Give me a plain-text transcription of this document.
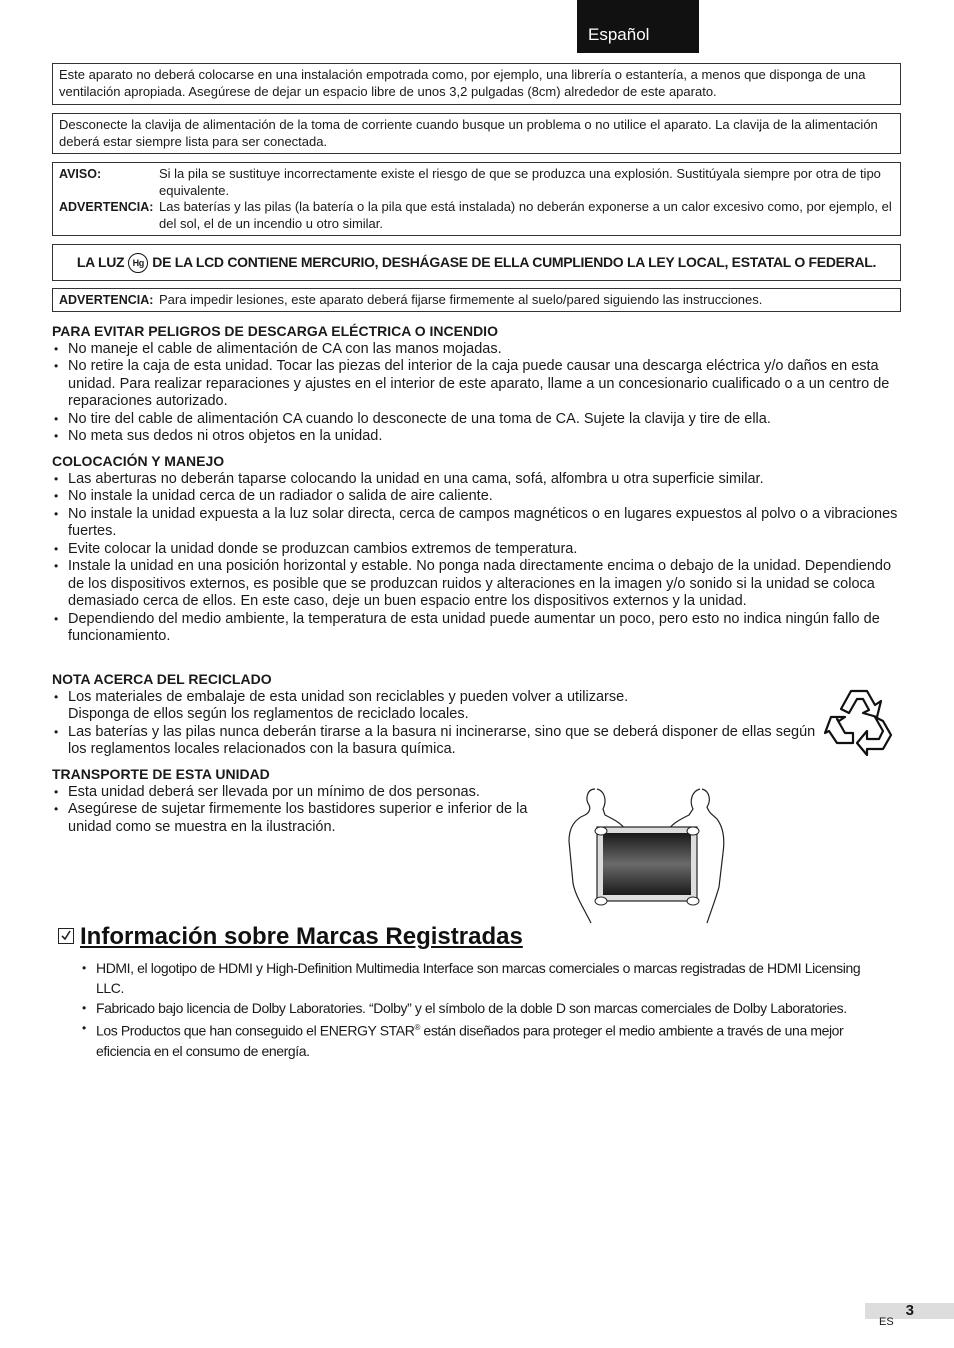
Español
Este aparato no deberá colocarse en una instalación empotrada como, por ejemplo, una librería o estantería, a menos que disponga de una ventilación apropiada. Asegúrese de dejar un espacio libre de unos 3,2 pulgadas (8cm) alrededor de este aparato.
Desconecte la clavija de alimentación de la toma de corriente cuando busque un problema o no utilice el aparato. La clavija de la alimentación deberá estar siempre lista para ser conectada.
AVISO:	Si la pila se sustituye incorrectamente existe el riesgo de que se produzca una explosión. Sustitúyala siempre por otra de tipo equivalente.
ADVERTENCIA:	Las baterías y las pilas (la batería o la pila que está instalada) no deberán exponerse a un calor excesivo como, por ejemplo, el del sol, el de un incendio u otro similar.
LA LUZ Hg DE LA LCD CONTIENE MERCURIO, DESHÁGASE DE ELLA CUMPLIENDO LA LEY LOCAL, ESTATAL O FEDERAL.
ADVERTENCIA: Para impedir lesiones, este aparato deberá fijarse firmemente al suelo/pared siguiendo las instrucciones.

PARA EVITAR PELIGROS DE DESCARGA ELÉCTRICA O INCENDIO

• No maneje el cable de alimentación de CA con las manos mojadas.
• No retire la caja de esta unidad. Tocar las piezas del interior de la caja puede causar una descarga eléctrica y/o daños en esta unidad. Para realizar reparaciones y ajustes en el interior de este aparato, llame a un concesionario cualificado o a un centro de reparaciones autorizado.
• No tire del cable de alimentación CA cuando lo desconecte de una toma de CA. Sujete la clavija y tire de ella.
• No meta sus dedos ni otros objetos en la unidad.

COLOCACIÓN Y MANEJO

• Las aberturas no deberán taparse colocando la unidad en una cama, sofá, alfombra u otra superficie similar.
• No instale la unidad cerca de un radiador o salida de aire caliente.
• No instale la unidad expuesta a la luz solar directa, cerca de campos magnéticos o en lugares expuestos al polvo o a vibraciones fuertes.
• Evite colocar la unidad donde se produzcan cambios extremos de temperatura.
• Instale la unidad en una posición horizontal y estable. No ponga nada directamente encima o debajo de la unidad. Dependiendo de los dispositivos externos, es posible que se produzcan ruidos y alteraciones en la imagen y/o sonido si la unidad se coloca demasiado cerca de ellos. En este caso, deje un buen espacio entre los dispositivos externos y la unidad.
• Dependiendo del medio ambiente, la temperatura de esta unidad puede aumentar un poco, pero esto no indica ningún fallo de funcionamiento.

NOTA ACERCA DEL RECICLADO

• Los materiales de embalaje de esta unidad son reciclables y pueden volver a utilizarse.
Disponga de ellos según los reglamentos de reciclado locales.
• Las baterías y las pilas nunca deberán tirarse a la basura ni incinerarse, sino que se deberá disponer de ellas según los reglamentos locales relacionados con la basura química.

TRANSPORTE DE ESTA UNIDAD

• Esta unidad deberá ser llevada por un mínimo de dos personas.
• Asegúrese de sujetar firmemente los bastidores superior e inferior de la unidad como se muestra en la ilustración.
Información sobre Marcas Registradas
• HDMI, el logotipo de HDMI y High-Definition Multimedia Interface son marcas comerciales o marcas registradas de HDMI Licensing LLC.
• Fabricado bajo licencia de Dolby Laboratories. “Dolby” y el símbolo de la doble D son marcas comerciales de Dolby Laboratories.
• Los Productos que han conseguido el ENERGY STAR® están diseñados para proteger el medio ambiente a través de una mejor eficiencia en el consumo de energía.
3
ES
